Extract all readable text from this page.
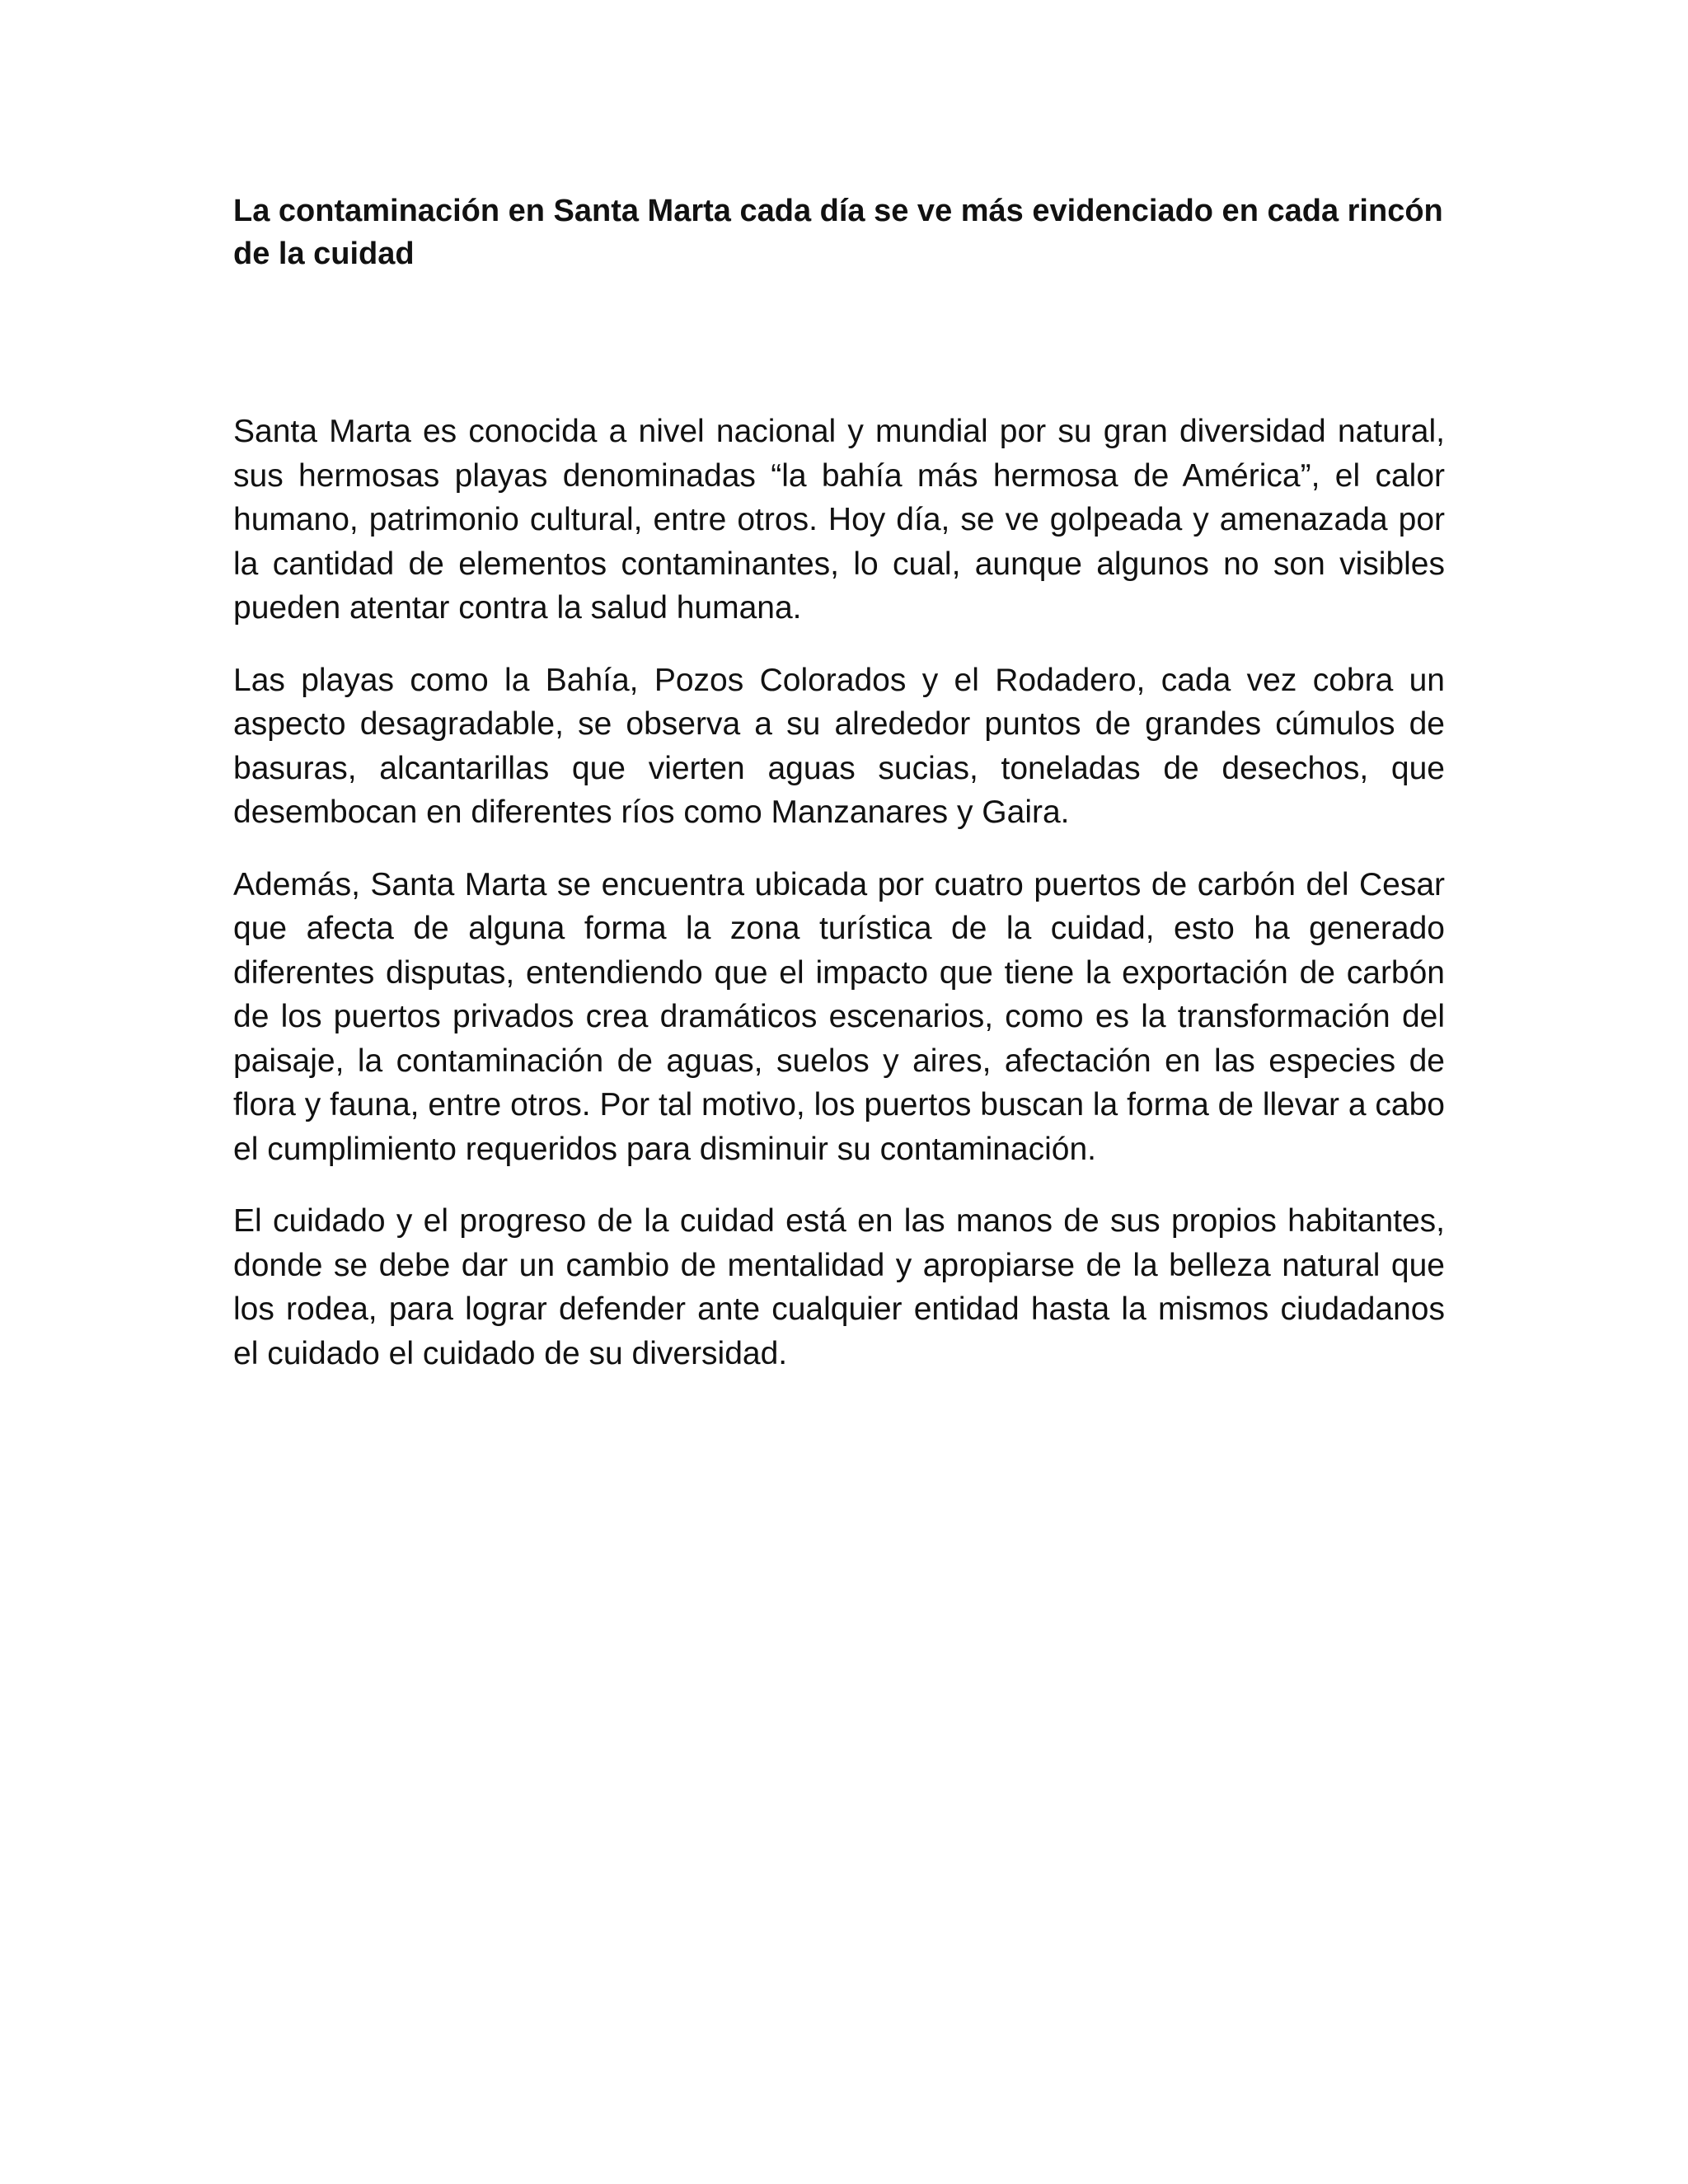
La contaminación en Santa Marta cada día se ve más evidenciado en cada rincón de la cuidad

Santa Marta es conocida a nivel nacional y mundial por su gran diversidad natural, sus hermosas playas denominadas “la bahía más hermosa de América”, el calor humano, patrimonio cultural, entre otros. Hoy día, se ve golpeada y amenazada por la cantidad de elementos contaminantes, lo cual, aunque algunos no son visibles pueden atentar contra la salud humana.

Las playas como la Bahía, Pozos Colorados y el Rodadero, cada vez cobra un aspecto desagradable, se observa a su alrededor puntos de grandes cúmulos de basuras, alcantarillas que vierten aguas sucias, toneladas de desechos, que desembocan en diferentes ríos como Manzanares y Gaira.

Además, Santa Marta se encuentra ubicada por cuatro puertos de carbón del Cesar que afecta de alguna forma la zona turística de la cuidad, esto ha generado diferentes disputas, entendiendo que el impacto que tiene la exportación de carbón de los puertos privados crea dramáticos escenarios, como es la transformación del paisaje, la contaminación de aguas, suelos y aires, afectación en las especies de flora y fauna, entre otros. Por tal motivo, los puertos buscan la forma de llevar a cabo el cumplimiento requeridos para disminuir su contaminación.

El cuidado y el progreso de la cuidad está en las manos de sus propios habitantes, donde se debe dar un cambio de mentalidad y apropiarse de la belleza natural que los rodea, para lograr defender ante cualquier entidad hasta la mismos ciudadanos el cuidado el cuidado de su diversidad.
